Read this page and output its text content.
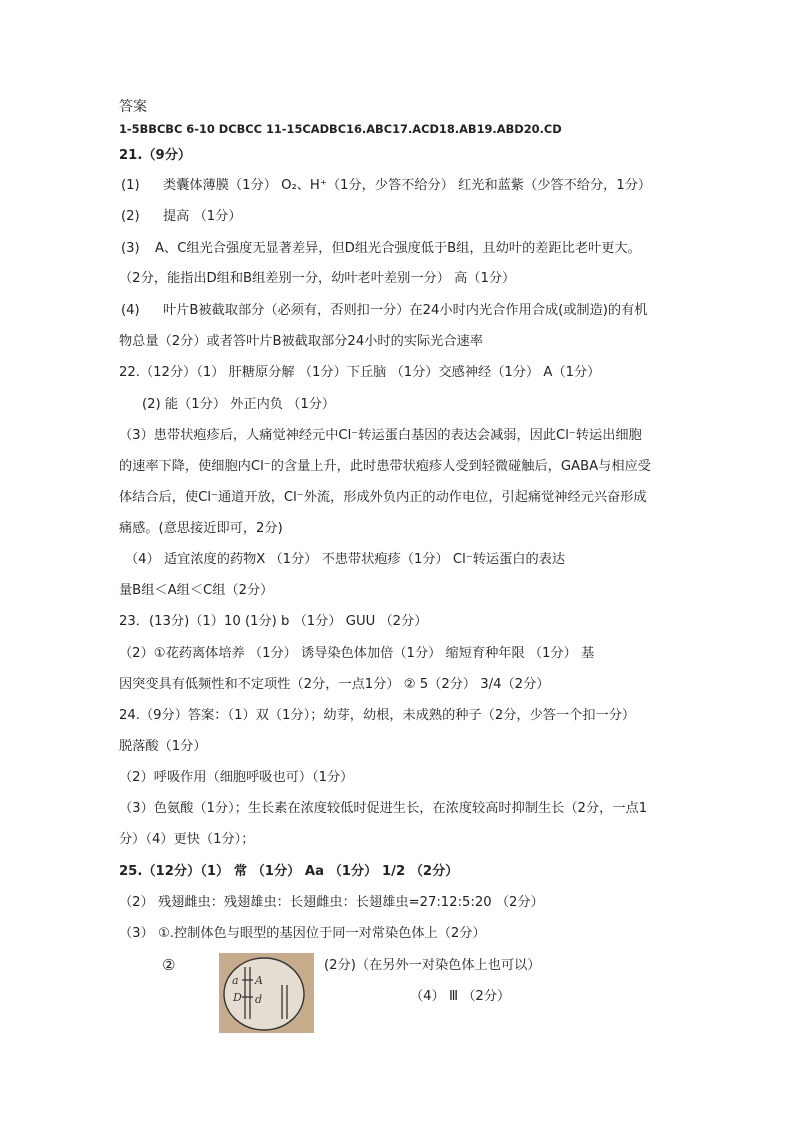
答案
1-5BBCBC 6-10 DCBCC 11-15CADBC16.ABC17.ACD18.AB19.ABD20.CD
21.（9分）
(1) 类囊体薄膜（1分） O₂、H⁺（1分，少答不给分） 红光和蓝紫（少答不给分，1分）
(2) 提高 （1分）
(3) A、C组光合强度无显著差异，但D组光合强度低于B组，且幼叶的差距比老叶更大。
（2分，能指出D组和B组差别一分，幼叶老叶差别一分） 高（1分）
(4) 叶片B被截取部分（必须有，否则扣一分）在24小时内光合作用合成(或制造)的有机
物总量（2分）或者答叶片B被截取部分24小时的实际光合速率
22.（12分）（1） 肝糖原分解 （1分）下丘脑 （1分）交感神经（1分） A（1分）
(2) 能（1分） 外正内负 （1分）
（3）患带状疱疹后，人痛觉神经元中Cl⁻转运蛋白基因的表达会减弱，因此Cl⁻转运出细胞
的速率下降，使细胞内Cl⁻的含量上升，此时患带状疱疹人受到轻微碰触后，GABA与相应受
体结合后，使Cl⁻通道开放，Cl⁻外流，形成外负内正的动作电位，引起痛觉神经元兴奋形成
痛感。(意思接近即可，2分)
（4） 适宜浓度的药物X （1分） 不患带状疱疹（1分） Cl⁻转运蛋白的表达
量B组＜A组＜C组（2分）
23．(13分)（1）10 (1分) b （1分） GUU （2分）
（2）①花药离体培养 （1分） 诱导染色体加倍（1分） 缩短育种年限 （1分） 基
因突变具有低频性和不定项性（2分，一点1分） ② 5（2分） 3/4（2分）
24.（9分）答案：（1）双（1分）；幼芽，幼根，未成熟的种子（2分，少答一个扣一分）
脱落酸（1分）
（2）呼吸作用（细胞呼吸也可）（1分）
（3）色氨酸（1分）；生长素在浓度较低时促进生长，在浓度较高时抑制生长（2分，一点1
分）（4）更快（1分）；
25.（12分）（1） 常 （1分） Aa （1分） 1/2 （2分）
（2） 残翅雌虫：残翅雄虫：长翅雌虫：长翅雄虫=27:12:5:20 （2分）
（3） ①.控制体色与眼型的基因位于同一对常染色体上（2分）
②
a A
D d
(2分)（在另外一对染色体上也可以）
（4） Ⅲ （2分）
